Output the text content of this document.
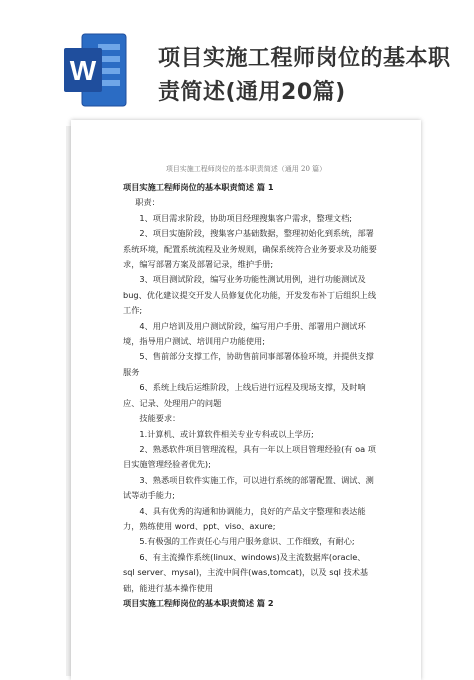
W	项目实施工程师岗位的基本职责简述(通用20篇)
项目实施工程师岗位的基本职责简述（通用 20 篇）

项目实施工程师岗位的基本职责简述 篇 1

职责：

1、项目需求阶段，协助项目经理搜集客户需求，整理文档;

2、项目实施阶段，搜集客户基础数据，整理初始化到系统，部署系统环境，配置系统流程及业务规则，确保系统符合业务要求及功能要求，编写部署方案及部署记录，维护手册;

3、项目测试阶段，编写业务功能性测试用例，进行功能测试及 bug、优化建议提交开发人员修复优化功能，开发发布补丁后组织上线工作;

4、用户培训及用户测试阶段，编写用户手册、部署用户测试环境，指导用户测试、培训用户功能使用;

5、售前部分支撑工作，协助售前同事部署体验环境，并提供支撑服务

6、系统上线后运维阶段，上线后进行远程及现场支撑，及时响应、记录、处理用户的问题

技能要求：

1.计算机、或计算软件相关专业专科或以上学历;

2、熟悉软件项目管理流程，具有一年以上项目管理经验(有 oa 项目实施管理经验者优先);

3、熟悉项目软件实施工作，可以进行系统的部署配置、调试、测试等动手能力;

4、具有优秀的沟通和协调能力，良好的产品文字整理和表达能力，熟练使用 word、ppt、viso、axure;

5.有极强的工作责任心与用户服务意识、工作细致，有耐心;

6、有主流操作系统(linux、windows)及主流数据库(oracle、sql server、mysal)，主流中间件(was,tomcat)，以及 sql 技术基础，能进行基本操作使用

项目实施工程师岗位的基本职责简述 篇 2
